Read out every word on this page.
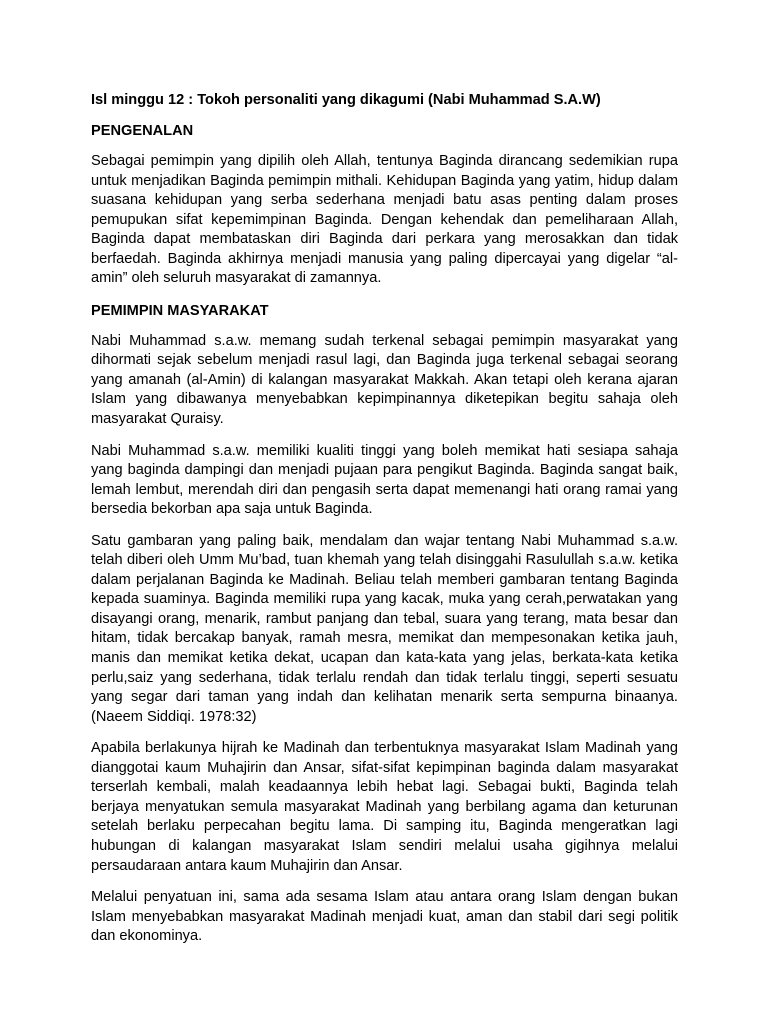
Isl minggu 12 : Tokoh personaliti yang dikagumi (Nabi Muhammad S.A.W)
PENGENALAN

Sebagai pemimpin yang dipilih oleh Allah, tentunya Baginda dirancang sedemikian rupa untuk menjadikan Baginda pemimpin mithali. Kehidupan Baginda yang yatim, hidup dalam suasana kehidupan yang serba sederhana menjadi batu asas penting dalam proses pemupukan sifat kepemimpinan Baginda. Dengan kehendak dan pemeliharaan Allah, Baginda dapat membataskan diri Baginda dari perkara yang merosakkan dan tidak berfaedah. Baginda akhirnya menjadi manusia yang paling dipercayai yang digelar “al-amin” oleh seluruh masyarakat di zamannya.

PEMIMPIN MASYARAKAT

Nabi Muhammad s.a.w. memang sudah terkenal sebagai pemimpin masyarakat yang dihormati sejak sebelum menjadi rasul lagi, dan Baginda juga terkenal sebagai seorang yang amanah (al-Amin) di kalangan masyarakat Makkah. Akan tetapi oleh kerana ajaran Islam yang dibawanya menyebabkan kepimpinannya diketepikan begitu sahaja oleh masyarakat Quraisy.

Nabi Muhammad s.a.w. memiliki kualiti tinggi yang boleh memikat hati sesiapa sahaja yang baginda dampingi dan menjadi pujaan para pengikut Baginda. Baginda sangat baik, lemah lembut, merendah diri dan pengasih serta dapat memenangi hati orang ramai yang bersedia bekorban apa saja untuk Baginda.

Satu gambaran yang paling baik, mendalam dan wajar tentang Nabi Muhammad s.a.w. telah diberi oleh Umm Mu’bad, tuan khemah yang telah disinggahi Rasulullah s.a.w. ketika dalam perjalanan Baginda ke Madinah. Beliau telah memberi gambaran tentang Baginda kepada suaminya. Baginda memiliki rupa yang kacak, muka yang cerah,perwatakan yang disayangi orang, menarik, rambut panjang dan tebal, suara yang terang, mata besar dan hitam, tidak bercakap banyak, ramah mesra, memikat dan mempesonakan ketika jauh, manis dan memikat ketika dekat, ucapan dan kata-kata yang jelas, berkata-kata ketika perlu,saiz yang sederhana, tidak terlalu rendah dan tidak terlalu tinggi, seperti sesuatu yang segar dari taman yang indah dan kelihatan menarik serta sempurna binaanya. (Naeem Siddiqi. 1978:32)

Apabila berlakunya hijrah ke Madinah dan terbentuknya masyarakat Islam Madinah yang dianggotai kaum Muhajirin dan Ansar, sifat-sifat kepimpinan baginda dalam masyarakat terserlah kembali, malah keadaannya lebih hebat lagi. Sebagai bukti, Baginda telah berjaya menyatukan semula masyarakat Madinah yang berbilang agama dan keturunan setelah berlaku perpecahan begitu lama. Di samping itu, Baginda mengeratkan lagi hubungan di kalangan masyarakat Islam sendiri melalui usaha gigihnya melalui persaudaraan antara kaum Muhajirin dan Ansar.

Melalui penyatuan ini, sama ada sesama Islam atau antara orang Islam dengan bukan Islam menyebabkan masyarakat Madinah menjadi kuat, aman dan stabil dari segi politik dan ekonominya.
